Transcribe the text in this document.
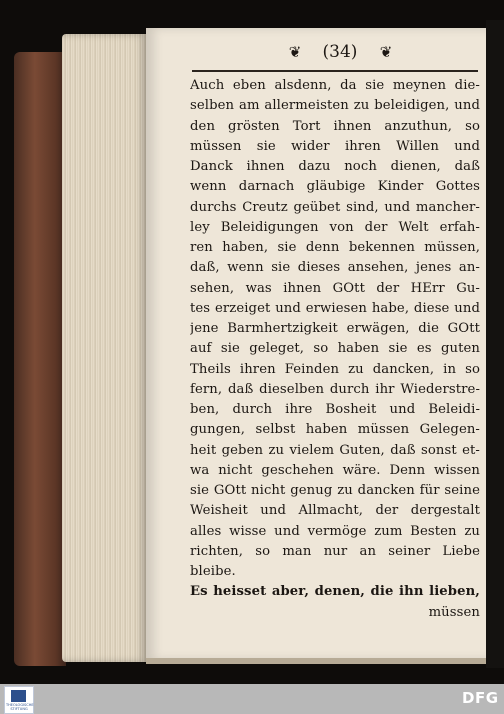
❦	(34)	❦
Auch eben alsdenn, da sie meynen die-
selben am allermeisten zu beleidigen, und
den grösten Tort ihnen anzuthun, so
müssen sie wider ihren Willen und
Danck ihnen dazu noch dienen, daß
wenn darnach gläubige Kinder Gottes
durchs Creutz geübet sind, und mancher-
ley Beleidigungen von der Welt erfah-
ren haben, sie denn bekennen müssen,
daß, wenn sie dieses ansehen, jenes an-
sehen, was ihnen GOtt der HErr Gu-
tes erzeiget und erwiesen habe, diese und
jene Barmhertzigkeit erwägen, die GOtt
auf sie geleget, so haben sie es guten
Theils ihren Feinden zu dancken, in so
fern, daß dieselben durch ihr Wiederstre-
ben, durch ihre Bosheit und Beleidi-
gungen, selbst haben müssen Gelegen-
heit geben zu vielem Guten, daß sonst et-
wa nicht geschehen wäre. Denn wissen
sie GOtt nicht genug zu dancken für seine
Weisheit und Allmacht, der dergestalt
alles wisse und vermöge zum Besten zu
richten, so man nur an seiner Liebe
bleibe.
Es heisset aber, denen, die ihn lieben,
müssen
THEOLOGISCHE STIFTUNG
DFG
